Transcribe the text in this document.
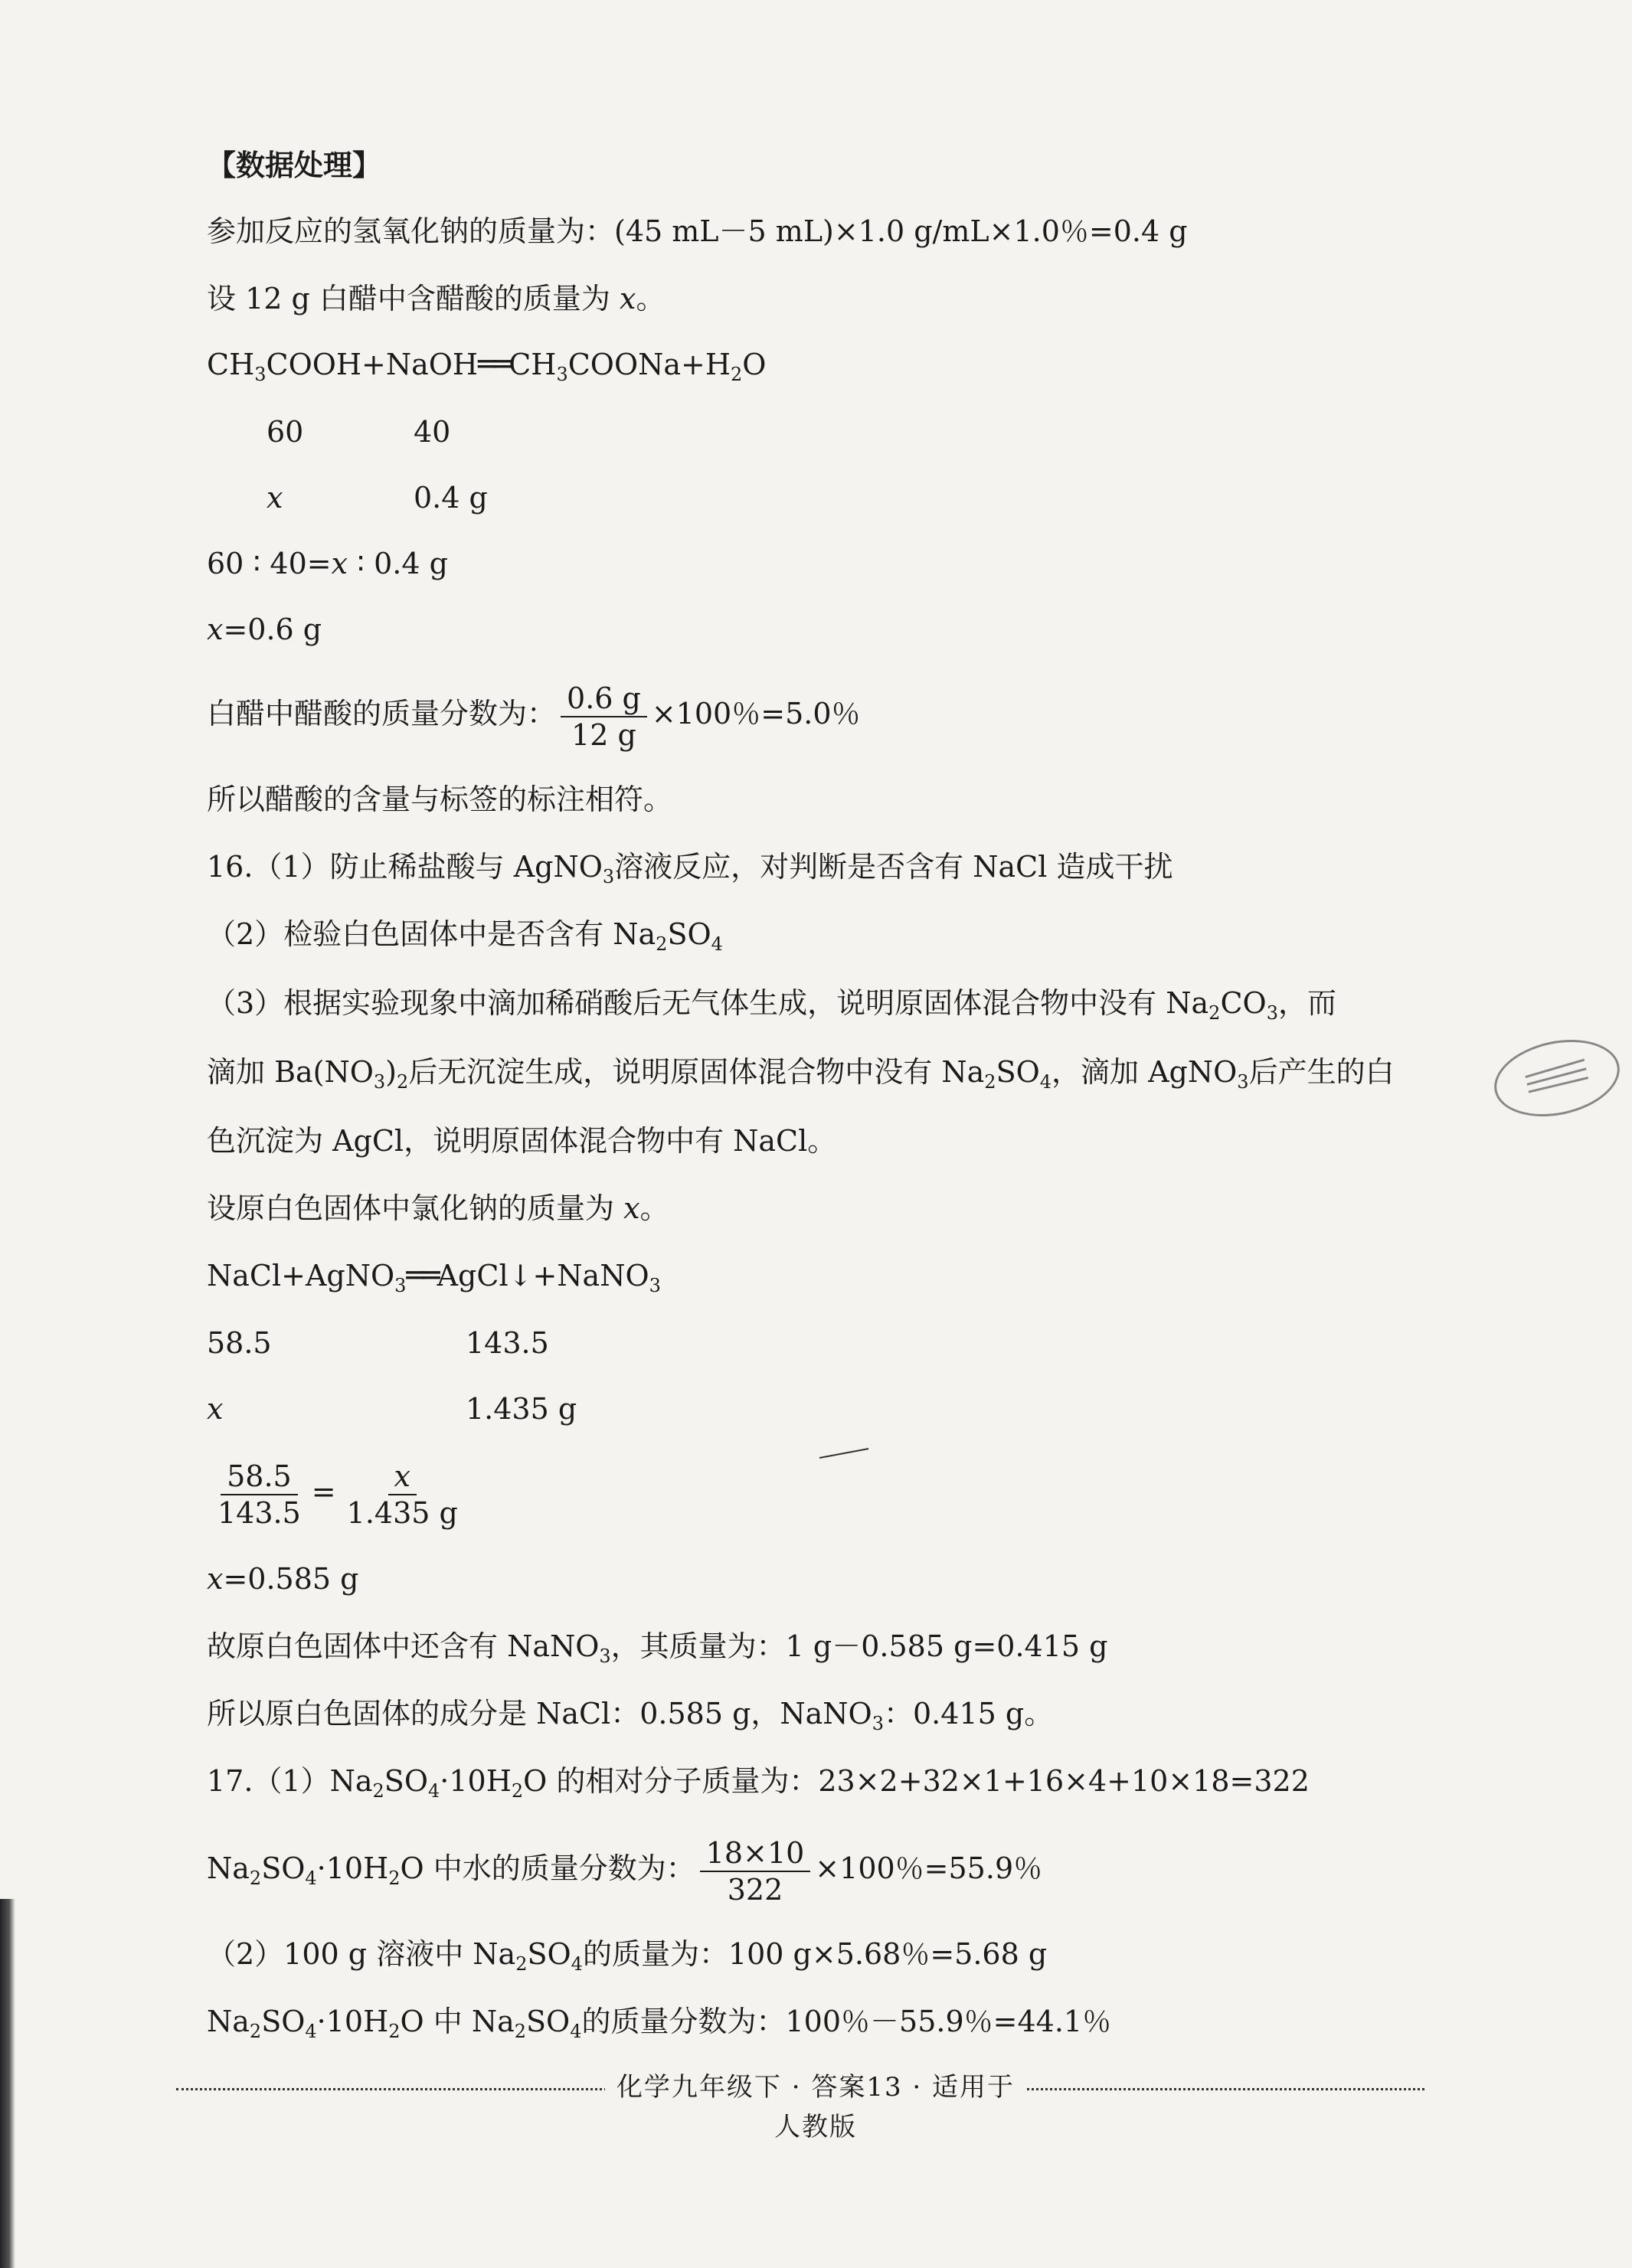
【数据处理】
参加反应的氢氧化钠的质量为：(45 mL－5 mL)×1.0 g/mL×1.0％=0.4 g
设 12 g 白醋中含醋酸的质量为 x。
$CH_3COOH+NaOH══CH_3COONa+H_2O$
60	40
x	0.4 g
60 ∶ 40=x ∶ 0.4 g
x=0.6 g
白醋中醋酸的质量分数为： $\frac{0.6 g}{12 g} \times 100$％=5.0％
所以醋酸的含量与标签的标注相符。
16.（1）防止稀盐酸与 AgNO$_3$溶液反应，对判断是否含有 NaCl 造成干扰
（2）检验白色固体中是否含有 $Na_2SO_4$
（3）根据实验现象中滴加稀硝酸后无气体生成，说明原固体混合物中没有 $Na_2CO_3$，而
滴加 $Ba(NO_3)_2$后无沉淀生成，说明原固体混合物中没有 $Na_2SO_4$，滴加 AgNO$_3$后产生的白
色沉淀为 AgCl，说明原固体混合物中有 NaCl。
设原白色固体中氯化钠的质量为 x。
NaCl+AgNO$_3$══AgCl↓+NaNO$_3$
58.5	143.5
x	1.435 g
$\frac{58.5}{143.5} = \frac{x}{1.435 g}$
x=0.585 g
故原白色固体中还含有 NaNO$_3$，其质量为：1 g－0.585 g=0.415 g
所以原白色固体的成分是 NaCl：0.585 g，NaNO$_3$：0.415 g。
$17.(1)Na_2SO_4\cdot 10H_2O$ 的相对分子质量为：23×2+32×1+16×4+10×18=322
$Na_2SO_4\cdot 10H_2O$ 中水的质量分数为： $\frac{18\times 10}{322} \times 100$％=55.9％
（2）100 g 溶液中 $Na_2SO_4$的质量为：100 g×5.68％=5.68 g
$Na_2SO_4\cdot 10H_2O$ 中 $Na_2SO_4$的质量分数为：100％－55.9％=44.1％
化学九年级下 · 答案13 · 适用于人教版
